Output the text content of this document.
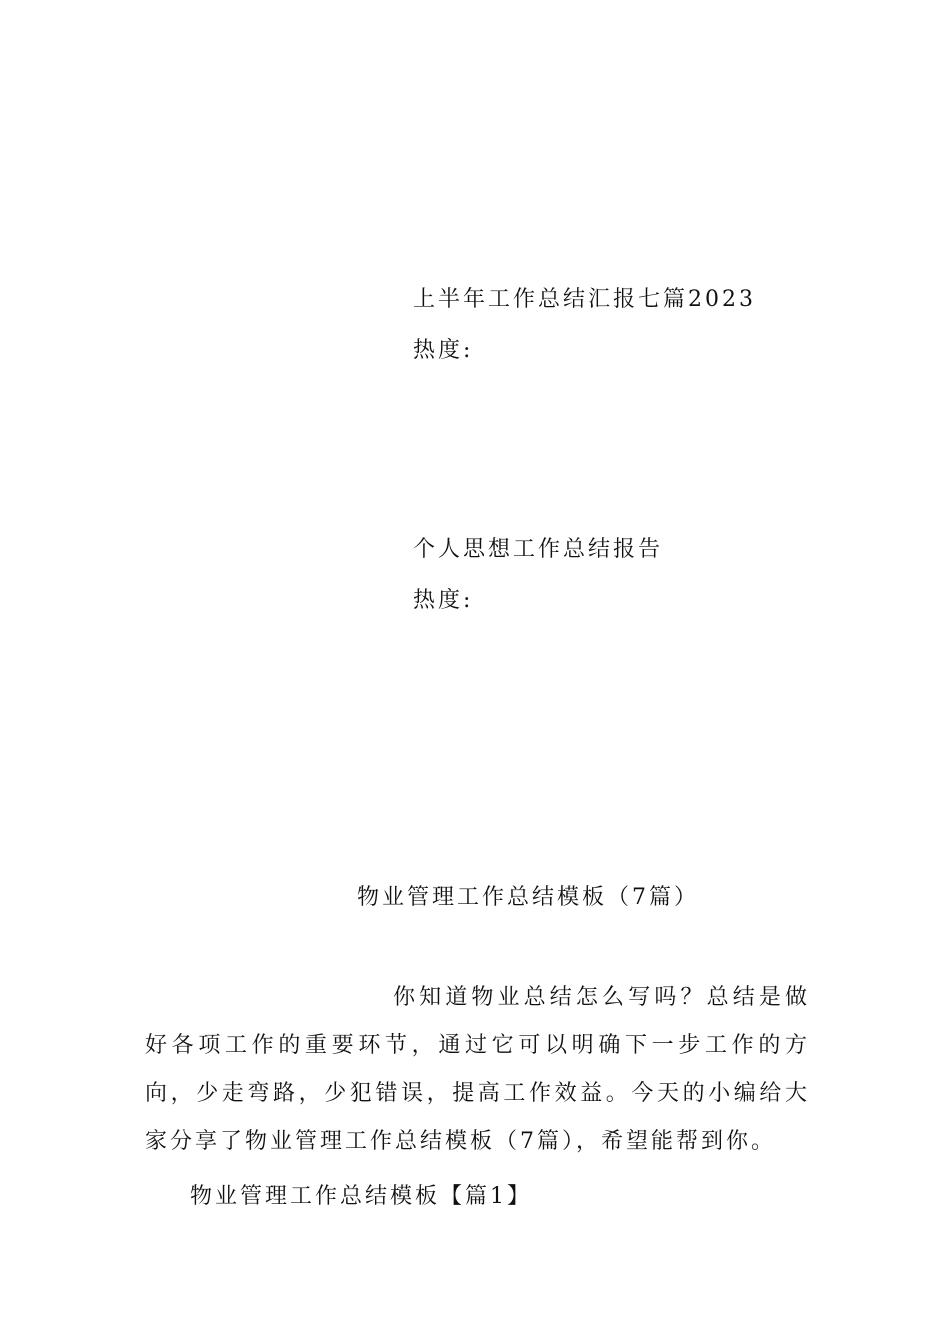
上半年工作总结汇报七篇2023
热度:
个人思想工作总结报告
热度:
物业管理工作总结模板（7篇）
你知道物业总结怎么写吗？总结是做好各项工作的重要环节，通过它可以明确下一步工作的方向，少走弯路，少犯错误，提高工作效益。今天的小编给大家分享了物业管理工作总结模板（7篇），希望能帮到你。
物业管理工作总结模板【篇1】
